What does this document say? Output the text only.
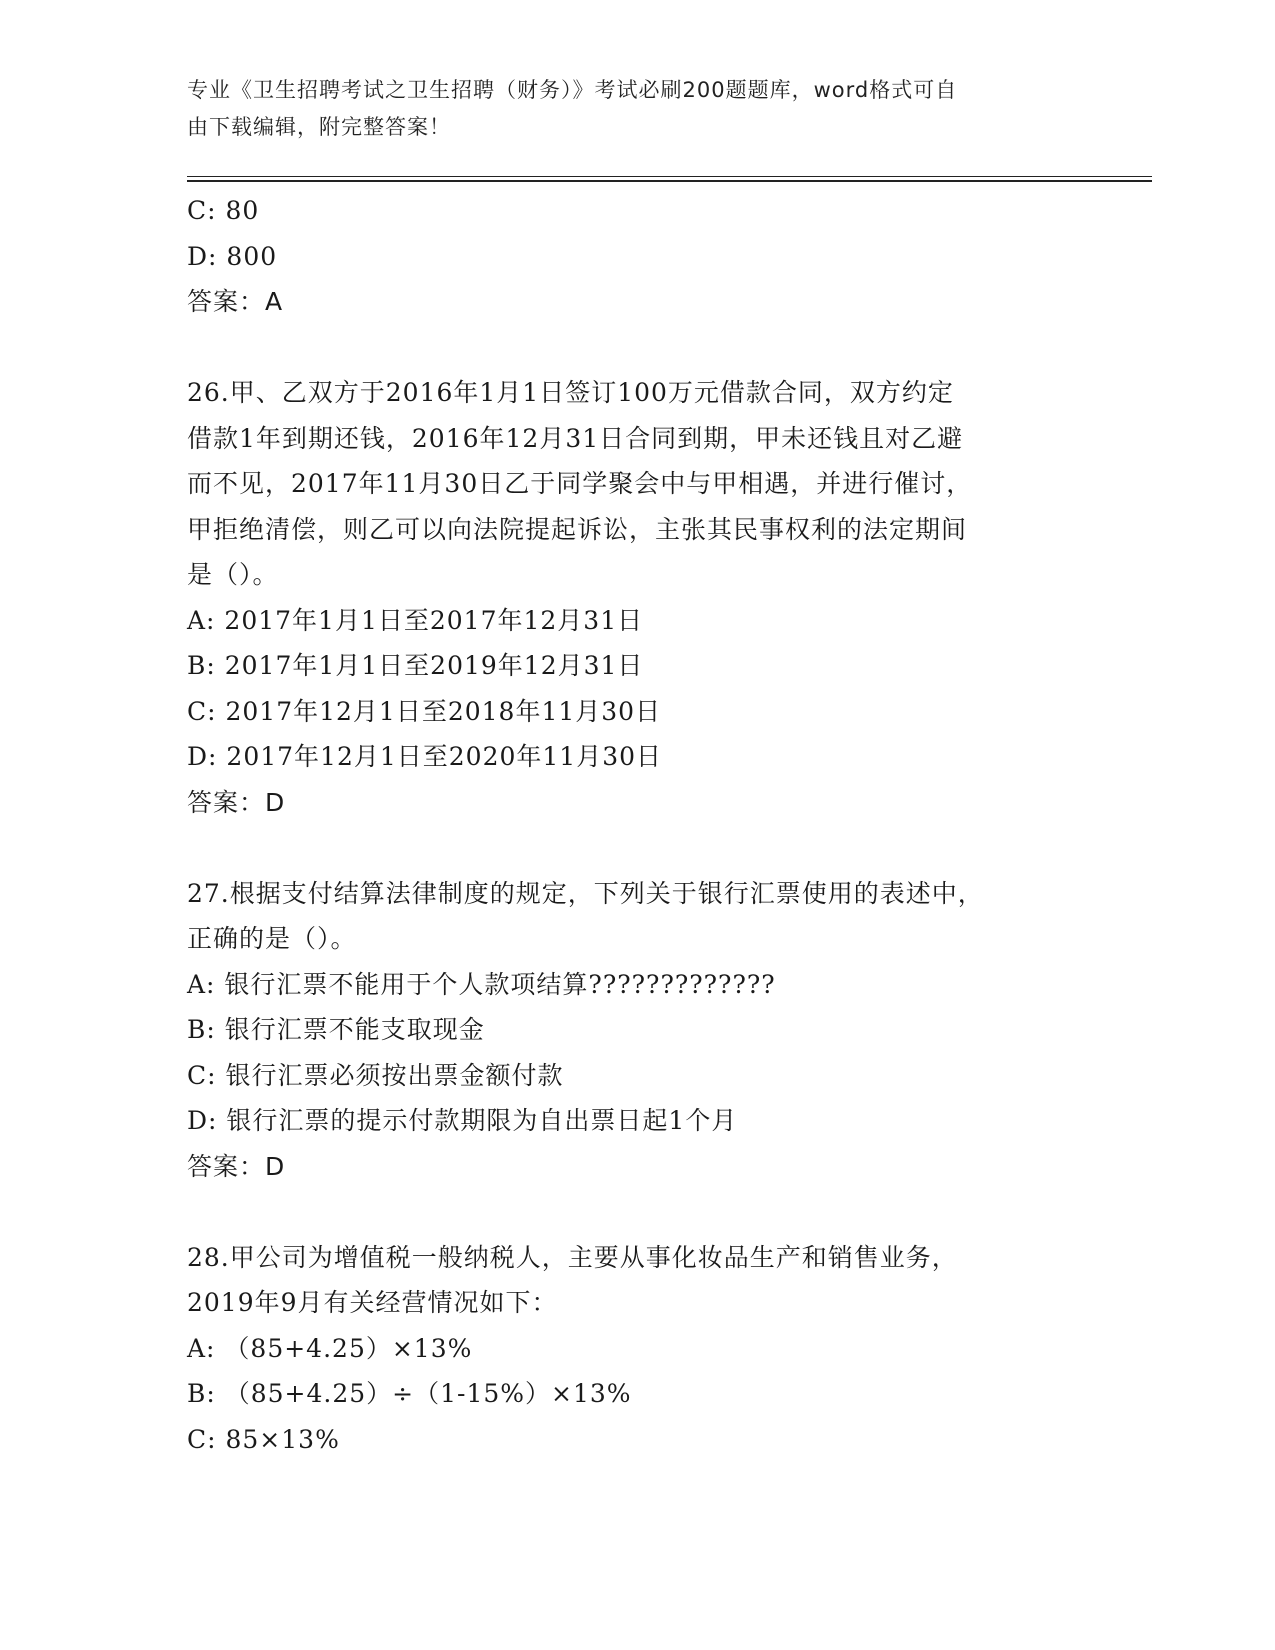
专业《卫生招聘考试之卫生招聘（财务）》考试必刷200题题库，word格式可自
由下载编辑，附完整答案！
C: 80
D: 800
答案：A
26.甲、乙双方于2016年1月1日签订100万元借款合同，双方约定
借款1年到期还钱，2016年12月31日合同到期，甲未还钱且对乙避
而不见，2017年11月30日乙于同学聚会中与甲相遇，并进行催讨，
甲拒绝清偿，则乙可以向法院提起诉讼，主张其民事权利的法定期间
是（）。
A: 2017年1月1日至2017年12月31日
B: 2017年1月1日至2019年12月31日
C: 2017年12月1日至2018年11月30日
D: 2017年12月1日至2020年11月30日
答案：D
27.根据支付结算法律制度的规定，下列关于银行汇票使用的表述中，
正确的是（）。
A: 银行汇票不能用于个人款项结算?????????????
B: 银行汇票不能支取现金
C: 银行汇票必须按出票金额付款
D: 银行汇票的提示付款期限为自出票日起1个月
答案：D
28.甲公司为增值税一般纳税人，主要从事化妆品生产和销售业务，
2019年9月有关经营情况如下：
A: （85+4.25）×13%
B: （85+4.25）÷（1-15%）×13%
C: 85×13%
